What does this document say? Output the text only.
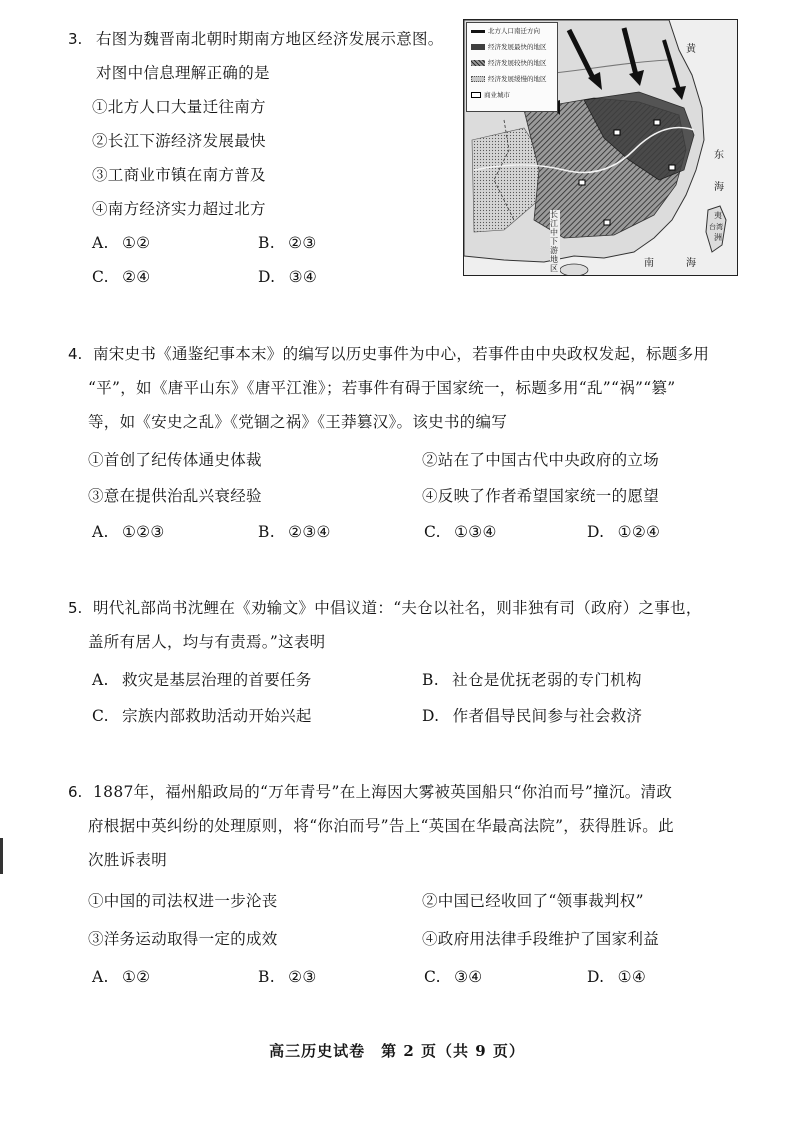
3. 右图为魏晋南北朝时期南方地区经济发展示意图。
对图中信息理解正确的是
①北方人口大量迁往南方
②长江下游经济发展最快
③工商业市镇在南方普及
④南方经济实力超过北方
A. ①②	B. ②③
C. ②④	D. ③④
北方人口南迁方向
经济发展最快的地区
经济发展较快的地区
经济发展缓慢的地区
商业城市
黄
东
海
夷
台湾
洲
南	海
长江中下游地区
4. 南宋史书《通鉴纪事本末》的编写以历史事件为中心，若事件由中央政权发起，标题多用
“平”，如《唐平山东》《唐平江淮》；若事件有碍于国家统一，标题多用“乱”“祸”“篡”
等，如《安史之乱》《党锢之祸》《王莽篡汉》。该史书的编写
①首创了纪传体通史体裁	②站在了中国古代中央政府的立场
③意在提供治乱兴衰经验	④反映了作者希望国家统一的愿望
A. ①②③	B. ②③④	C. ①③④	D. ①②④
5. 明代礼部尚书沈鲤在《劝输文》中倡议道：“夫仓以社名，则非独有司（政府）之事也，
盖所有居人，均与有责焉。”这表明
A. 救灾是基层治理的首要任务	B. 社仓是优抚老弱的专门机构
C. 宗族内部救助活动开始兴起	D. 作者倡导民间参与社会救济
6. 1887年，福州船政局的“万年青号”在上海因大雾被英国船只“你泊而号”撞沉。清政
府根据中英纠纷的处理原则，将“你泊而号”告上“英国在华最高法院”，获得胜诉。此
次胜诉表明
①中国的司法权进一步沦丧	②中国已经收回了“领事裁判权”
③洋务运动取得一定的成效	④政府用法律手段维护了国家利益
A. ①②	B. ②③	C. ③④	D. ①④
高三历史试卷　第 2 页（共 9 页）
